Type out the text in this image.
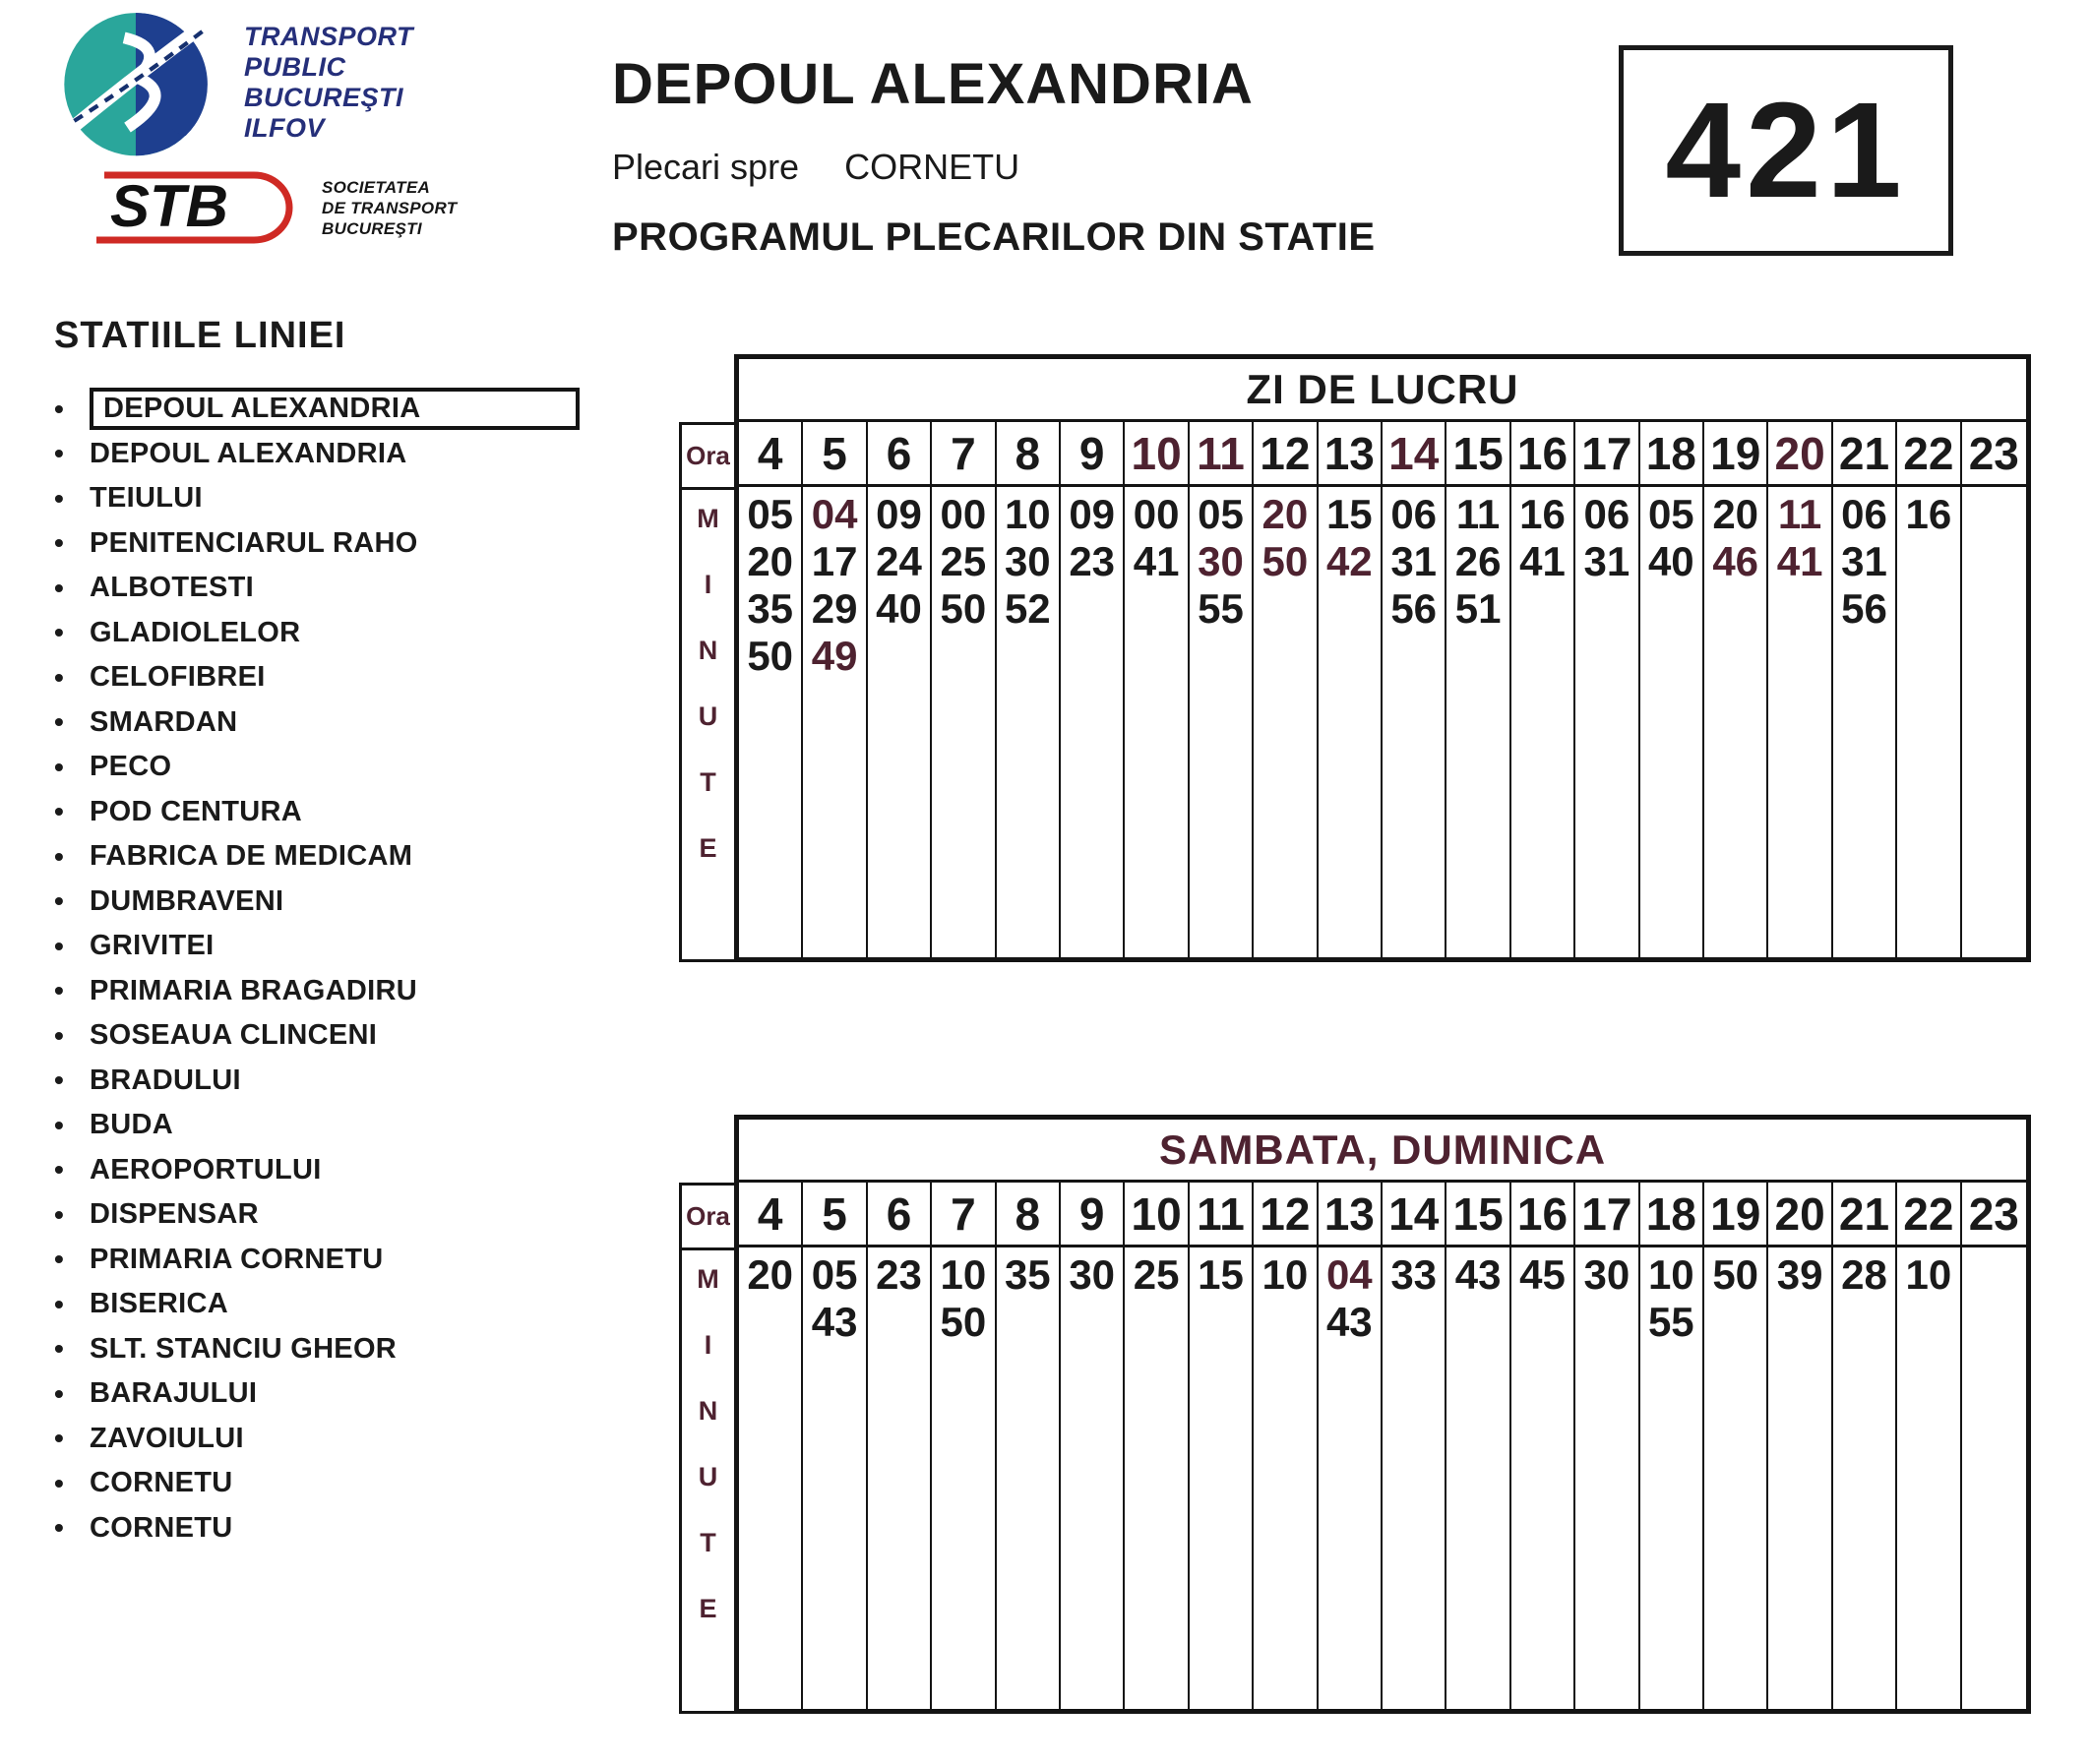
TRANSPORT
PUBLIC
BUCUREŞTI
ILFOV
STB	SOCIETATEA
DE TRANSPORT
BUCUREŞTI
DEPOUL ALEXANDRIA
Plecari spre CORNETU
PROGRAMUL PLECARILOR DIN STATIE
421
STATIILE LINIEI
•	DEPOUL ALEXANDRIA
• DEPOUL ALEXANDRIA
• TEIULUI
• PENITENCIARUL RAHO
• ALBOTESTI
• GLADIOLELOR
• CELOFIBREI
• SMARDAN
• PECO
• POD CENTURA
• FABRICA DE MEDICAM
• DUMBRAVENI
• GRIVITEI
• PRIMARIA BRAGADIRU
• SOSEAUA CLINCENI
• BRADULUI
• BUDA
• AEROPORTULUI
• DISPENSAR
• PRIMARIA CORNETU
• BISERICA
• SLT. STANCIU GHEOR
• BARAJULUI
• ZAVOIULUI
• CORNETU
• CORNETU
Ora
M
I
N
U
T
E
ZI DE LUCRU
4 5 6 7 8 9 10 11 12 13 14 15 16 17 18 19 20 21 22 23
05
20
35
50
04
17
29
49
09
24
40
00
25
50
10
30
52
09
23
00
41
05
30
55
20
50
15
42
06
31
56
11
26
51
16
41
06
31
05
40
20
46
11
41
06
31
56
16
Ora
M
I
N
U
T
E
SAMBATA, DUMINICA
4 5 6 7 8 9 10 11 12 13 14 15 16 17 18 19 20 21 22 23
20 05
43
23 10
50
35 30 25 15 10 04
43
33 43 45 30 10
55
50 39 28 10
